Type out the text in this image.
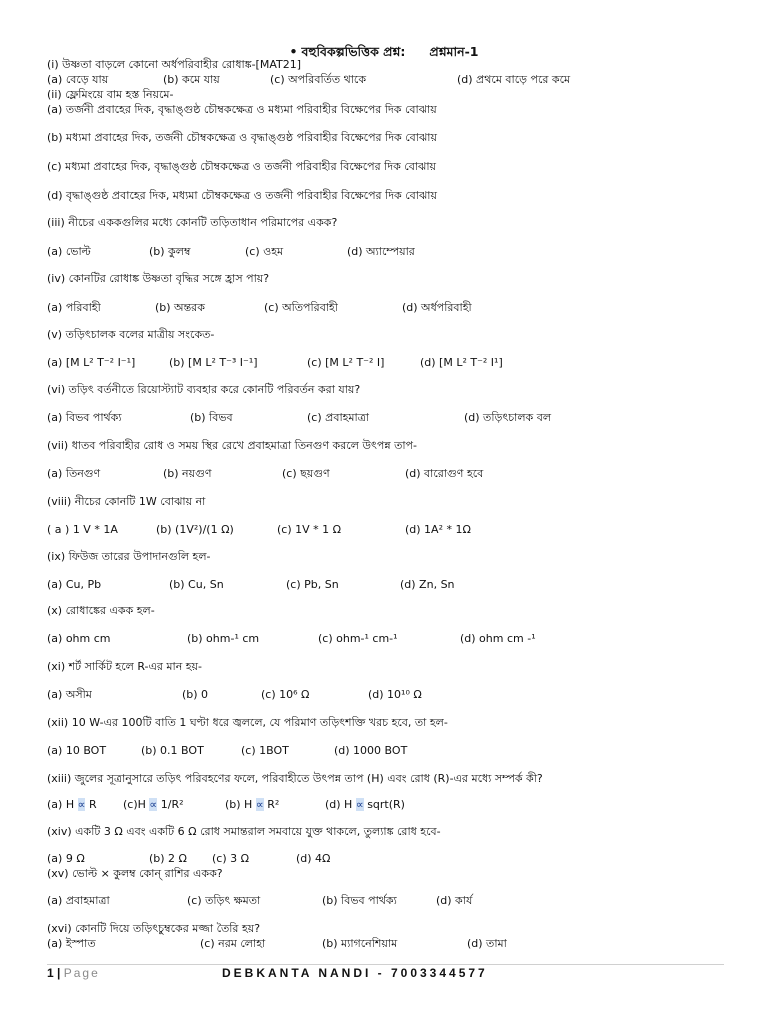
• বহুবিকল্পভিত্তিক প্রশ্ন: প্রশ্নমান-1
(i) উষ্ণতা বাড়লে কোনো অর্ধপরিবাহীর রোধাঙ্ক-[MAT21]
(a) বেড়ে যায়	(b) কমে যায়	(c) অপরিবর্তিত থাকে	(d) প্রথমে বাড়ে পরে কমে
(ii) ফ্লেমিংয়ে বাম হস্ত নিয়মে-
(a) তর্জনী প্রবাহের দিক, বৃদ্ধাঙ্গুষ্ঠ চৌম্বকক্ষেত্র ও মধ্যমা পরিবাহীর বিক্ষেপের দিক বোঝায়
(b) মধ্যমা প্রবাহের দিক, তর্জনী চৌম্বকক্ষেত্র ও বৃদ্ধাঙ্গুষ্ঠ পরিবাহীর বিক্ষেপের দিক বোঝায়
(c) মধ্যমা প্রবাহের দিক, বৃদ্ধাঙ্গুষ্ঠ চৌম্বকক্ষেত্র ও তর্জনী পরিবাহীর বিক্ষেপের দিক বোঝায়
(d) বৃদ্ধাঙ্গুষ্ঠ প্রবাহের দিক, মধ্যমা চৌম্বকক্ষেত্র ও তর্জনী পরিবাহীর বিক্ষেপের দিক বোঝায়
(iii) নীচের এককগুলির মধ্যে কোনটি তড়িতাধান পরিমাপের একক?
(a) ভোল্ট	(b) কুলম্ব	(c) ওহম	(d) অ্যাম্পেয়ার
(iv) কোনটির রোধাঙ্ক উষ্ণতা বৃদ্ধির সঙ্গে হ্রাস পায়?
(a) পরিবাহী	(b) অন্তরক	(c) অতিপরিবাহী	(d) অর্ধপরিবাহী
(v) তড়িৎচালক বলের মাত্রীয় সংকেত-
(a) [M L² T⁻² I⁻¹]	(b) [M L² T⁻³ I⁻¹]	(c) [M L² T⁻² I]	(d) [M L² T⁻² I¹]
(vi) তড়িৎ বর্তনীতে রিয়োস্ট্যাট ব্যবহার করে কোনটি পরিবর্তন করা যায়?
(a) বিভব পার্থক্য	(b) বিভব	(c) প্রবাহমাত্রা	(d) তড়িৎচালক বল
(vii) ধাতব পরিবাহীর রোধ ও সময় স্থির রেখে প্রবাহমাত্রা তিনগুণ করলে উৎপন্ন তাপ-
(a) তিনগুণ	(b) নয়গুণ	(c) ছয়গুণ	(d) বারোগুণ হবে
(viii) নীচের কোনটি 1W বোঝায় না
( a ) 1 V * 1A	(b) (1V²)/(1 Ω)	(c) 1V * 1 Ω	(d) 1A² * 1Ω
(ix) ফিউজ তারের উপাদানগুলি হল-
(a) Cu, Pb	(b) Cu, Sn	(c) Pb, Sn	(d) Zn, Sn
(x) রোধাঙ্কের একক হল-
(a) ohm cm	(b) ohm-¹ cm	(c) ohm-¹ cm-¹	(d) ohm cm -¹
(xi) শর্ট সার্কিট হলে R-এর মান হয়-
(a) অসীম	(b) 0	(c) 10⁶ Ω	(d) 10¹⁰ Ω
(xii) 10 W-এর 100টি বাতি 1 ঘণ্টা ধরে জ্বললে, যে পরিমাণ তড়িৎশক্তি খরচ হবে, তা হল-
(a) 10 BOT	(b) 0.1 BOT	(c) 1BOT	(d) 1000 BOT
(xiii) জুলের সূত্রানুসারে তড়িৎ পরিবহণের ফলে, পরিবাহীতে উৎপন্ন তাপ (H) এবং রোধ (R)-এর মধ্যে সম্পর্ক কী?
(a) H ∝ R (c)H ∝ 1/R²	(b) H ∝ R²	(d) H ∝ sqrt(R)
(xiv) একটি 3 Ω এবং একটি 6 Ω রোধ সমান্তরাল সমবায়ে যুক্ত থাকলে, তুল্যাঙ্ক রোধ হবে-
(a) 9 Ω	(b) 2 Ω (c) 3 Ω	(d) 4Ω
(xv) ভোল্ট × কুলম্ব কোন্ রাশির একক?
(a) প্রবাহমাত্রা	(c) তড়িৎ ক্ষমতা	(b) বিভব পার্থক্য	(d) কার্য
(xvi) কোনটি দিয়ে তড়িৎচুম্বকের মজ্জা তৈরি হয়?
(a) ইস্পাত	(c) নরম লোহা	(b) ম্যাগনেশিয়াম	(d) তামা
1 | Page	DEBKANTA NANDI - 7003344577
